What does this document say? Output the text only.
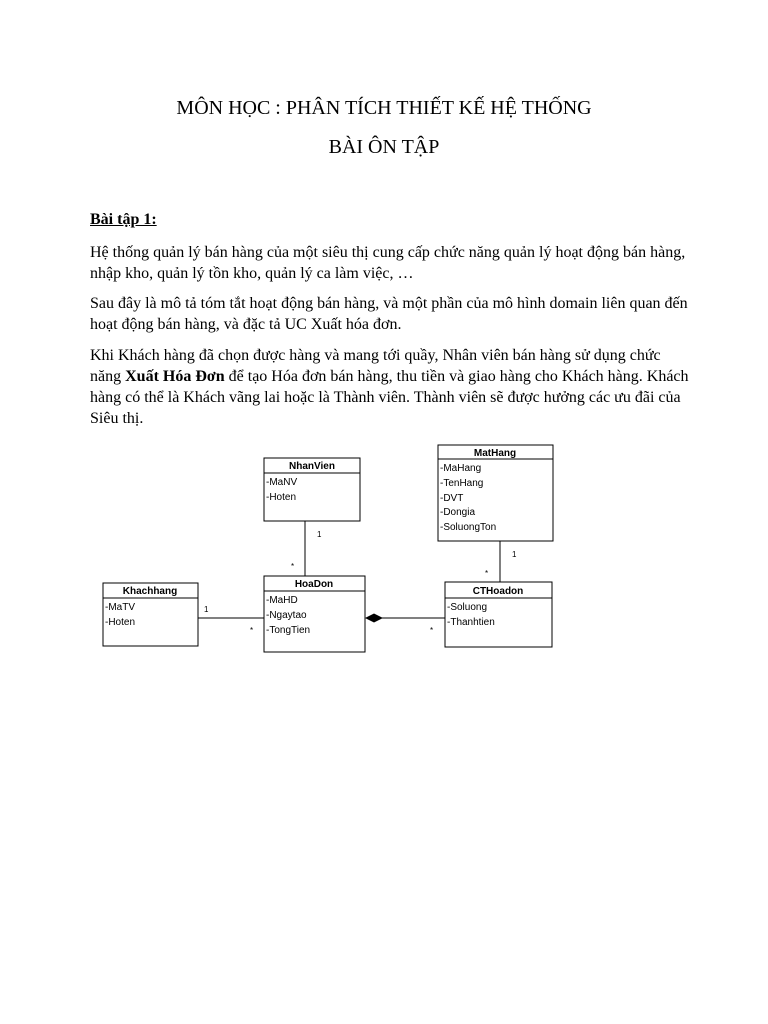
MÔN HỌC : PHÂN TÍCH THIẾT KẾ HỆ THỐNG
BÀI ÔN TẬP
Bài tập 1:
Hệ thống quản lý bán hàng của một siêu thị cung cấp chức năng quản lý hoạt động bán hàng, nhập kho, quản lý tồn kho, quản lý ca làm việc, …
Sau đây là mô tả tóm tắt hoạt động bán hàng, và một phần của mô hình domain liên quan đến hoạt động bán hàng, và đặc tả UC Xuất hóa đơn.
Khi Khách hàng đã chọn được hàng và mang tới quầy, Nhân viên bán hàng sử dụng chức năng Xuất Hóa Đơn để tạo Hóa đơn bán hàng, thu tiền và giao hàng cho Khách hàng. Khách hàng có thể là Khách vãng lai hoặc là Thành viên. Thành viên sẽ được hưởng các ưu đãi của Siêu thị.
1
*
1
*
1
*	*
NhanVien
-MaNV
-Hoten
MatHang
-MaHang
-TenHang
-DVT
-Dongia
-SoluongTon
Khachhang
-MaTV
-Hoten
HoaDon
-MaHD
-Ngaytao
-TongTien
CTHoadon
-Soluong
-Thanhtien
